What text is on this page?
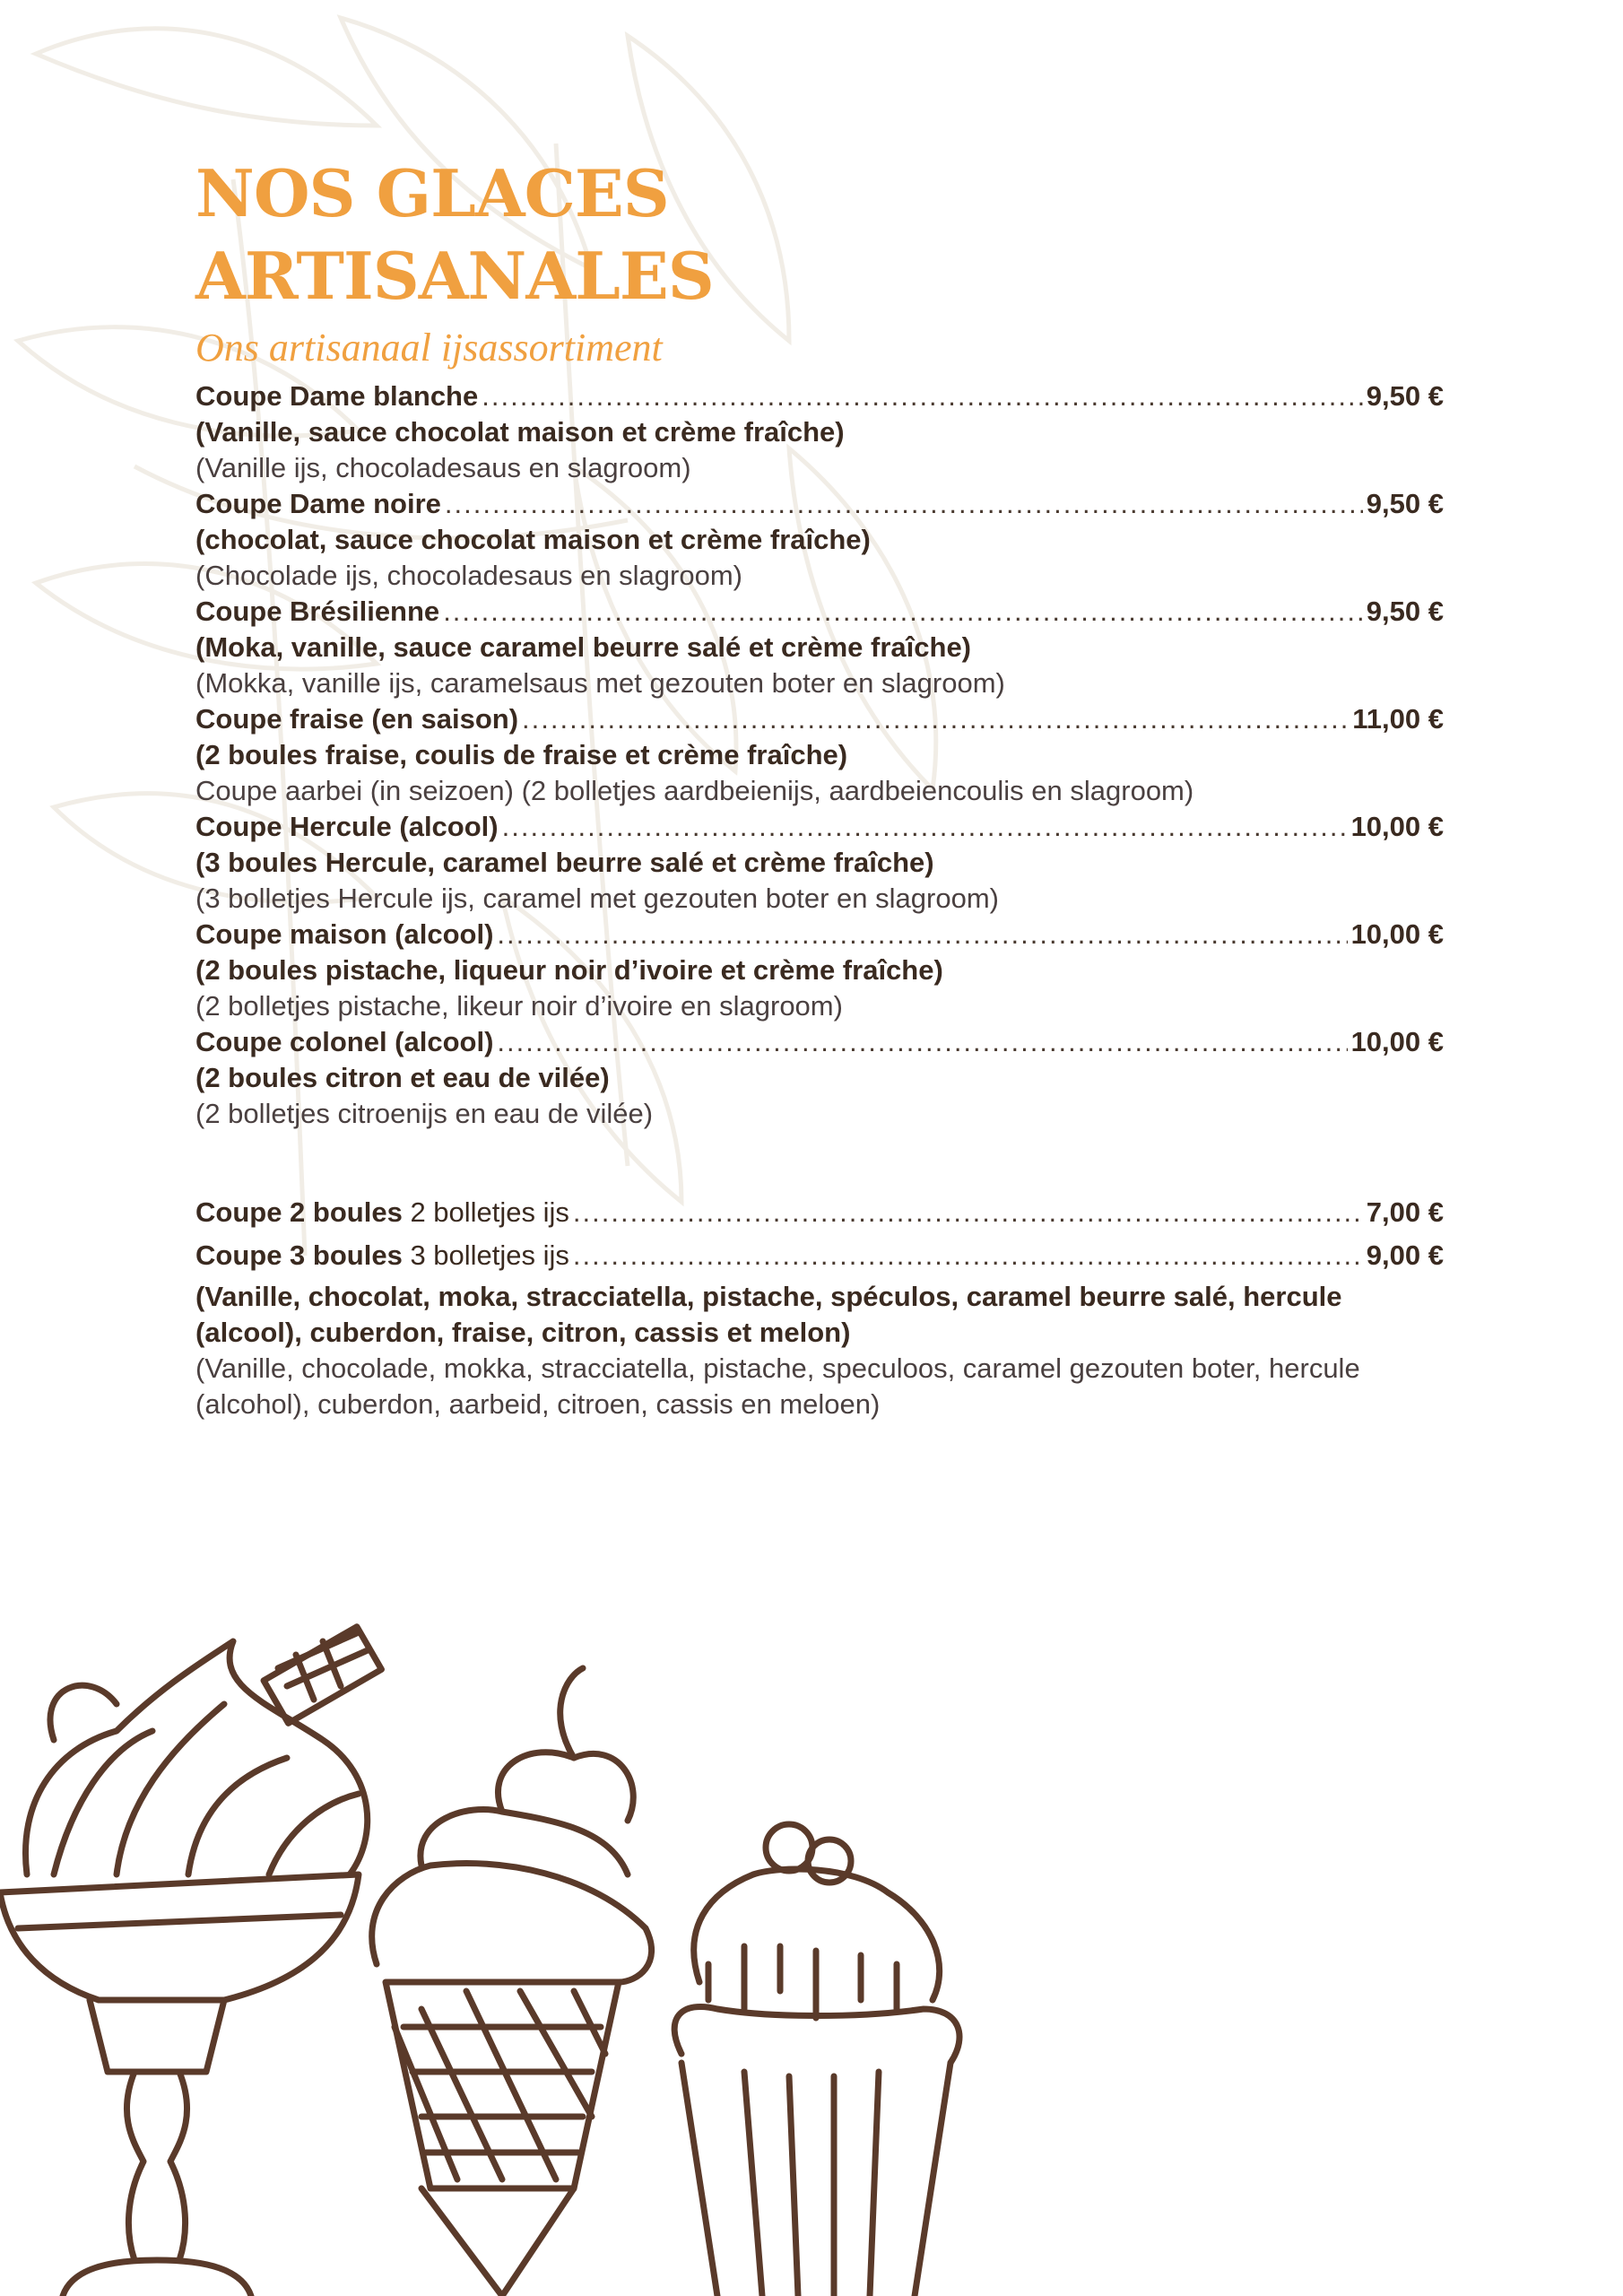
NOS GLACES
ARTISANALES
Ons artisanaal ijsassortiment
Coupe Dame blanche .....	9,50 €
(Vanille, sauce chocolat maison et crème fraîche)
(Vanille ijs, chocoladesaus en slagroom)
Coupe Dame noire .....	9,50 €
(chocolat, sauce chocolat maison et crème fraîche)
(Chocolade ijs, chocoladesaus en slagroom)
Coupe Brésilienne .....	9,50 €
(Moka, vanille, sauce caramel beurre salé et crème fraîche)
(Mokka, vanille ijs, caramelsaus met gezouten boter en slagroom)
Coupe fraise (en saison) .....	11,00 €
(2 boules fraise, coulis de fraise et crème fraîche)
Coupe aarbei (in seizoen) (2 bolletjes aardbeienijs, aardbeiencoulis en slagroom)
Coupe Hercule (alcool) .....	10,00 €
(3 boules Hercule, caramel beurre salé et crème fraîche)
(3 bolletjes Hercule ijs, caramel met gezouten boter en slagroom)
Coupe maison (alcool) .....	10,00 €
(2 boules pistache, liqueur noir d’ivoire et crème fraîche)
(2 bolletjes pistache, likeur noir d’ivoire en slagroom)
Coupe colonel (alcool) .....	10,00 €
(2 boules citron et eau de vilée)
(2 bolletjes citroenijs en eau de vilée)
Coupe 2 boules 2 bolletjes ijs .....	7,00 €
Coupe 3 boules 3 bolletjes ijs .....	9,00 €
(Vanille, chocolat, moka, stracciatella, pistache, spéculos, caramel beurre salé, hercule (alcool), cuberdon, fraise, citron, cassis et melon)
(Vanille, chocolade, mokka, stracciatella, pistache, speculoos, caramel gezouten boter, hercule (alcohol), cuberdon, aarbeid, citroen, cassis en meloen)
